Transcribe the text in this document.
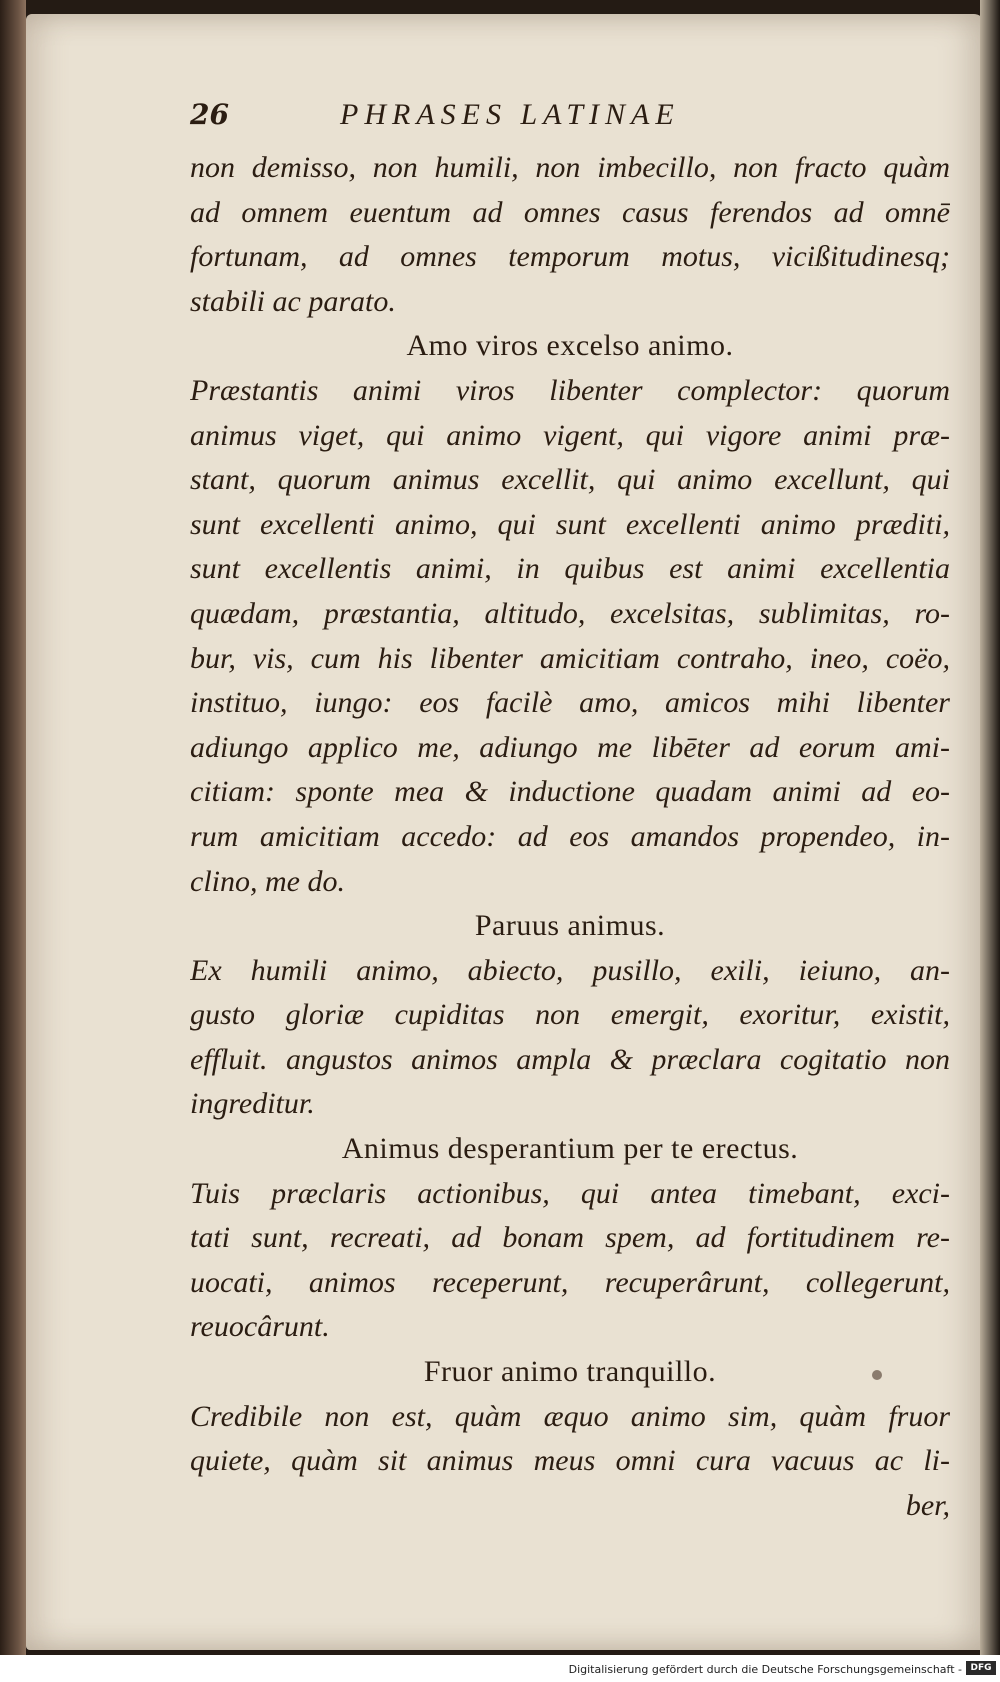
26	PHRASES LATINAE
non demisso, non humili, non imbecillo, non fracto quàm
ad omnem euentum ad omnes casus ferendos ad omnē
fortunam, ad omnes temporum motus, vicißitudinesq;
stabili ac parato.
Amo viros excelso animo.
Præstantis animi viros libenter complector: quorum
animus viget, qui animo vigent, qui vigore animi præ-
stant, quorum animus excellit, qui animo excellunt, qui
sunt excellenti animo, qui sunt excellenti animo præditi,
sunt excellentis animi, in quibus est animi excellentia
quædam, præstantia, altitudo, excelsitas, sublimitas, ro-
bur, vis, cum his libenter amicitiam contraho, ineo, coëo,
instituo, iungo: eos facilè amo, amicos mihi libenter
adiungo applico me, adiungo me libēter ad eorum ami-
citiam: sponte mea & inductione quadam animi ad eo-
rum amicitiam accedo: ad eos amandos propendeo, in-
clino, me do.
Paruus animus.
Ex humili animo, abiecto, pusillo, exili, ieiuno, an-
gusto gloriæ cupiditas non emergit, exoritur, existit,
effluit. angustos animos ampla & præclara cogitatio non
ingreditur.
Animus desperantium per te erectus.
Tuis præclaris actionibus, qui antea timebant, exci-
tati sunt, recreati, ad bonam spem, ad fortitudinem re-
uocati, animos receperunt, recuperârunt, collegerunt,
reuocârunt.
Fruor animo tranquillo.
Credibile non est, quàm æquo animo sim, quàm fruor
quiete, quàm sit animus meus omni cura vacuus ac li-
ber,
Digitalisierung gefördert durch die Deutsche Forschungsgemeinschaft - DFG
